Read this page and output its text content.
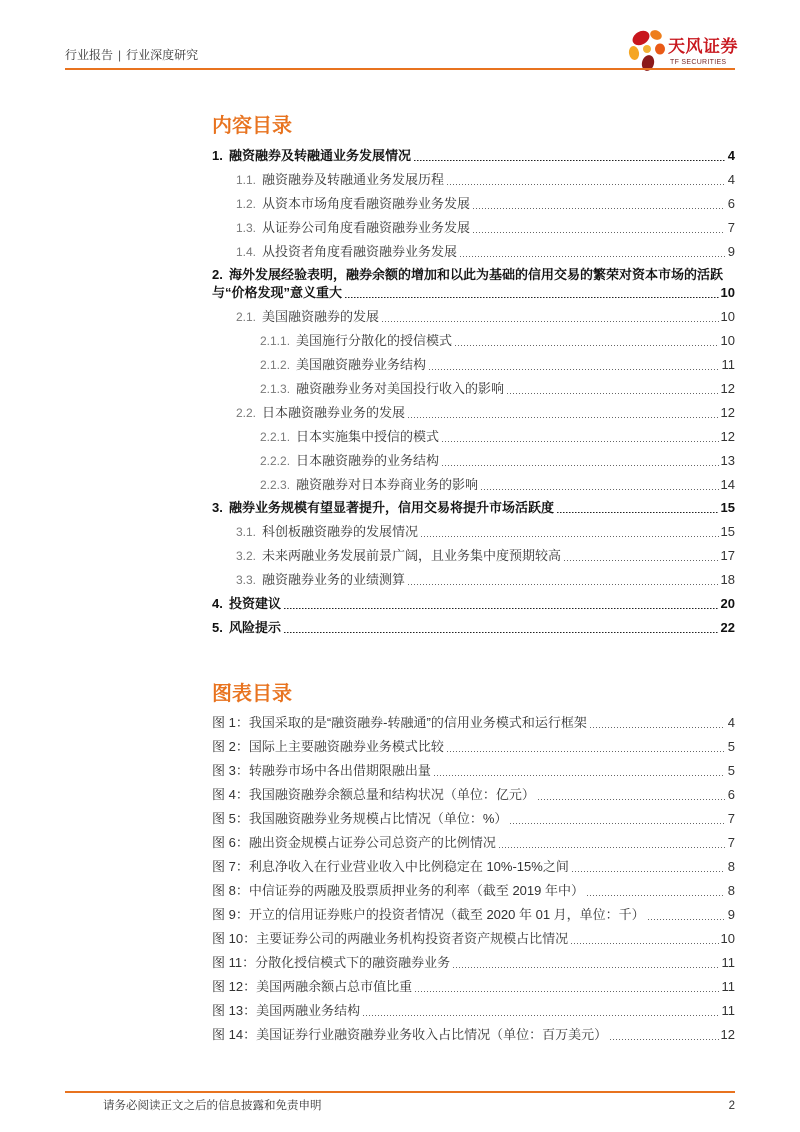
行业报告 | 行业深度研究	天风证券
TF SECURITIES
内容目录
1. 融资融券及转融通业务发展情况	4
1.1. 融资融券及转融通业务发展历程	4
1.2. 从资本市场角度看融资融券业务发展	6
1.3. 从证券公司角度看融资融券业务发展	7
1.4. 从投资者角度看融资融券业务发展	9
2. 海外发展经验表明，融券余额的增加和以此为基础的信用交易的繁荣对资本市场的活跃
与“价格发现”意义重大	10
2.1. 美国融资融券的发展	10
2.1.1. 美国施行分散化的授信模式	10
2.1.2. 美国融资融券业务结构	11
2.1.3. 融资融券业务对美国投行收入的影响	12
2.2. 日本融资融券业务的发展	12
2.2.1. 日本实施集中授信的模式	12
2.2.2. 日本融资融券的业务结构	13
2.2.3. 融资融券对日本券商业务的影响	14
3. 融券业务规模有望显著提升，信用交易将提升市场活跃度	15
3.1. 科创板融资融券的发展情况	15
3.2. 未来两融业务发展前景广阔，且业务集中度预期较高	17
3.3. 融资融券业务的业绩测算	18
4. 投资建议	20
5. 风险提示	22
图表目录
图 1：我国采取的是“融资融券-转融通”的信用业务模式和运行框架	4
图 2：国际上主要融资融券业务模式比较	5
图 3：转融券市场中各出借期限融出量	5
图 4：我国融资融券余额总量和结构状况（单位：亿元）	6
图 5：我国融资融券业务规模占比情况（单位：%）	7
图 6：融出资金规模占证券公司总资产的比例情况	7
图 7：利息净收入在行业营业收入中比例稳定在 10%-15%之间	8
图 8：中信证券的两融及股票质押业务的利率（截至 2019 年中）	8
图 9：开立的信用证券账户的投资者情况（截至 2020 年 01 月，单位：千）	9
图 10：主要证券公司的两融业务机构投资者资产规模占比情况	10
图 11：分散化授信模式下的融资融券业务	11
图 12：美国两融余额占总市值比重	11
图 13：美国两融业务结构	11
图 14：美国证券行业融资融券业务收入占比情况（单位：百万美元）	12
请务必阅读正文之后的信息披露和免责申明	2
